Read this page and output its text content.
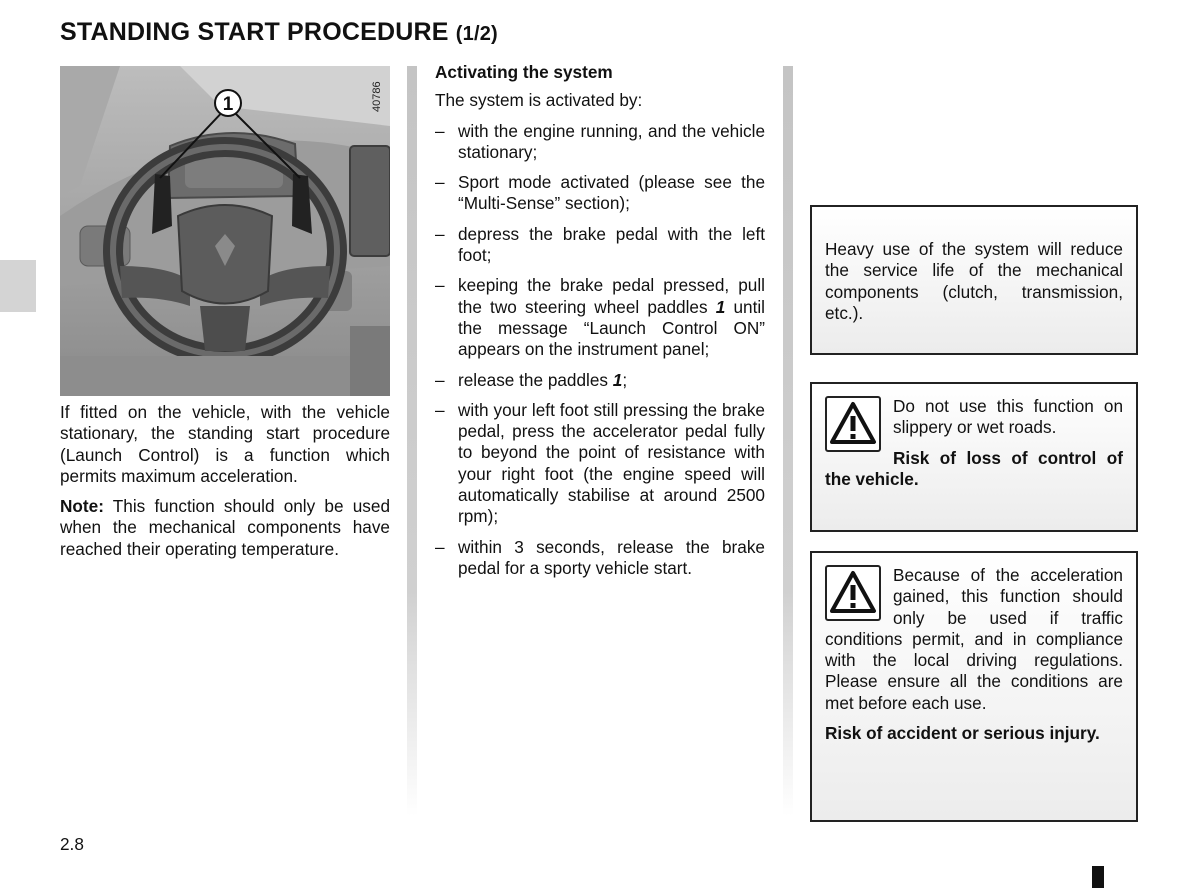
STANDING START PROCEDURE (1/2)
1	40786

If fitted on the vehicle, with the vehicle stationary, the standing start procedure (Launch Control) is a function which permits maximum acceleration.

Note: This function should only be used when the mechanical components have reached their operating temperature.

Activating the system

The system is activated by:

– with the engine running, and the vehicle stationary;
– Sport mode activated (please see the “Multi-Sense” section);
– depress the brake pedal with the left foot;
– keeping the brake pedal pressed, pull the two steering wheel paddles 1 until the message “Launch Control ON” appears on the instrument panel;
– release the paddles 1;
– with your left foot still pressing the brake pedal, press the accelerator pedal fully to beyond the point of resistance with your right foot (the engine speed will automatically stabilise at around 2500 rpm);
– within 3 seconds, release the brake pedal for a sporty vehicle start.

Heavy use of the system will reduce the service life of the mechanical components (clutch, transmission, etc.).

Do not use this function on slippery or wet roads.

Risk of loss of control of the vehicle.

Because of the acceleration gained, this function should only be used if traffic conditions permit, and in compliance with the local driving regulations. Please ensure all the conditions are met before each use.

Risk of accident or serious injury.

2.8
